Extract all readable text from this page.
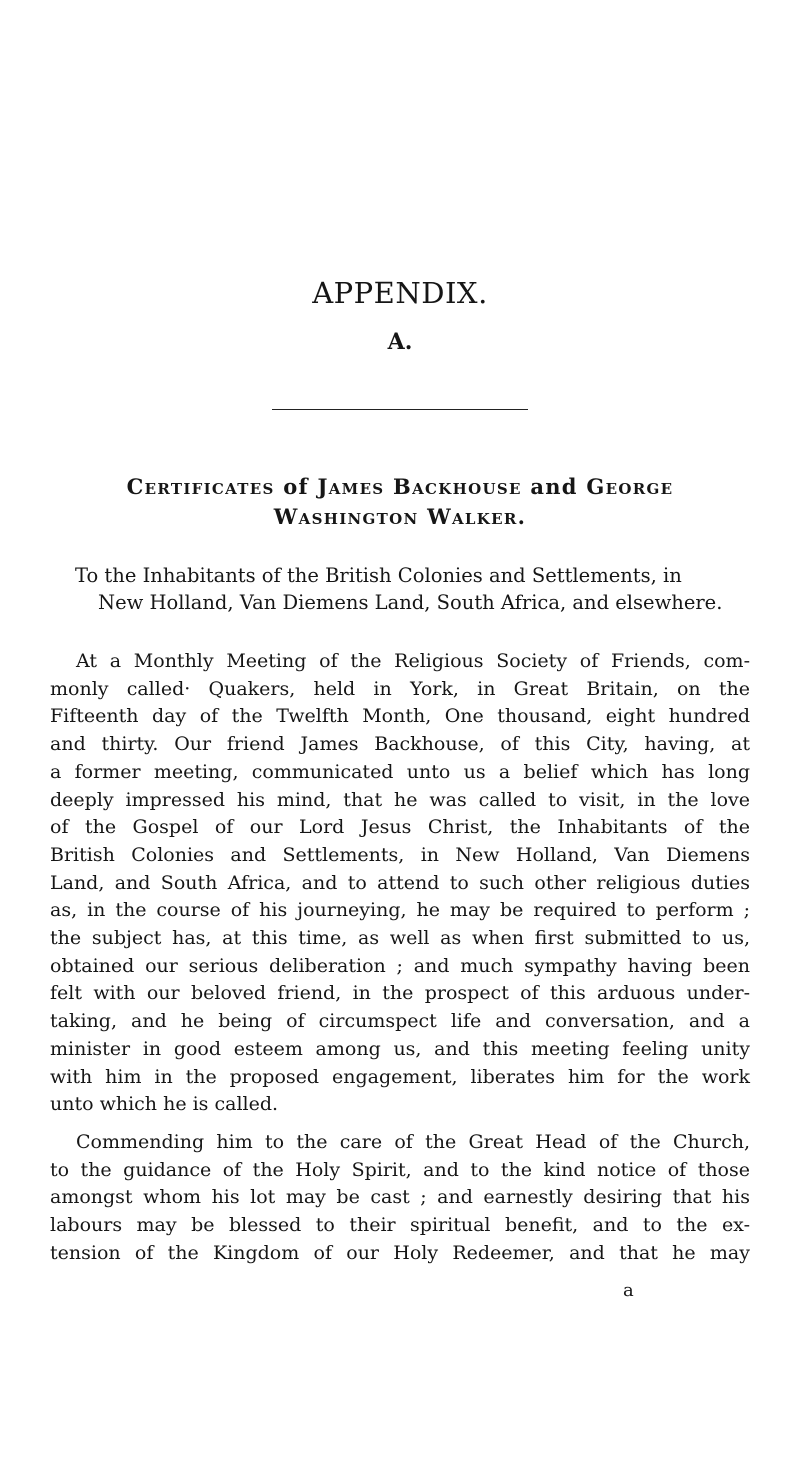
APPENDIX.
A.
Certificates of James Backhouse and George
Washington Walker.

To the Inhabitants of the British Colonies and Settlements, in
New Holland, Van Diemens Land, South Africa, and elsewhere.

At a Monthly Meeting of the Religious Society of Friends, com-
monly called· Quakers, held in York, in Great Britain, on the
Fifteenth day of the Twelfth Month, One thousand, eight hundred
and thirty. Our friend James Backhouse, of this City, having, at
a former meeting, communicated unto us a belief which has long
deeply impressed his mind, that he was called to visit, in the love
of the Gospel of our Lord Jesus Christ, the Inhabitants of the
British Colonies and Settlements, in New Holland, Van Diemens
Land, and South Africa, and to attend to such other religious duties
as, in the course of his journeying, he may be required to perform ;
the subject has, at this time, as well as when first submitted to us,
obtained our serious deliberation ; and much sympathy having been
felt with our beloved friend, in the prospect of this arduous under-
taking, and he being of circumspect life and conversation, and a
minister in good esteem among us, and this meeting feeling unity
with him in the proposed engagement, liberates him for the work
unto which he is called.

Commending him to the care of the Great Head of the Church,
to the guidance of the Holy Spirit, and to the kind notice of those
amongst whom his lot may be cast ; and earnestly desiring that his
labours may be blessed to their spiritual benefit, and to the ex-
tension of the Kingdom of our Holy Redeemer, and that he may

a
